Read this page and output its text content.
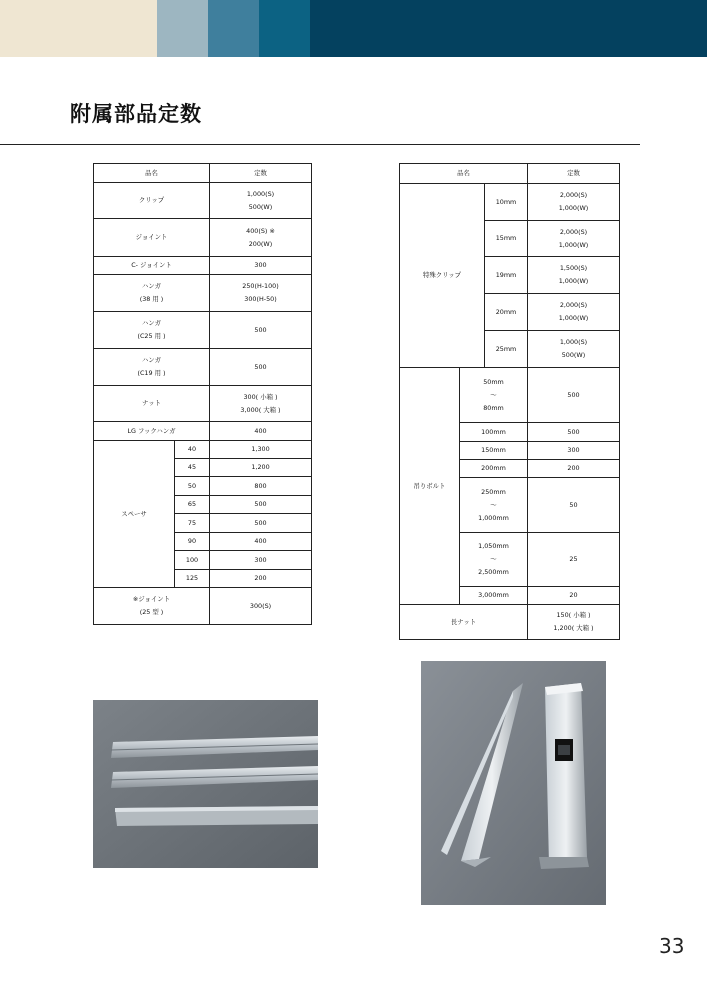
附属部品定数
品名		定数

クリップ		1,000(S)
500(W)

ジョイント		400(S) ※
200(W)

C- ジョイント		300

ハンガ
(38 用 )		250(H-100)
300(H-50)

ハンガ
(C25 用 )		500

ハンガ
(C19 用 )		500

ナット		300( 小箱 )
3,000( 大箱 )

LG フックハンガ		400

スペーサ	40	1,300
	45	1,200
	50	800
	65	500
	75	500
	90	400
	100	300
	125	200

※ジョイント
(25 型 )		300(S)
品名			定数
特殊クリップ		10mm	2,000(S)
1,000(W)

		15mm	2,000(S)
1,000(W)

		19mm	1,500(S)
1,000(W)

		20mm	2,000(S)
1,000(W)

		25mm	1,000(S)
500(W)

吊りボルト	50mm
～
80mm		500
	100mm		500
	150mm		300
	200mm		200

	250mm
～
1,000mm		50

	1,050mm
～
2,500mm		25
	3,000mm		20
長ナット			150( 小箱 )
1,200( 大箱 )
33
